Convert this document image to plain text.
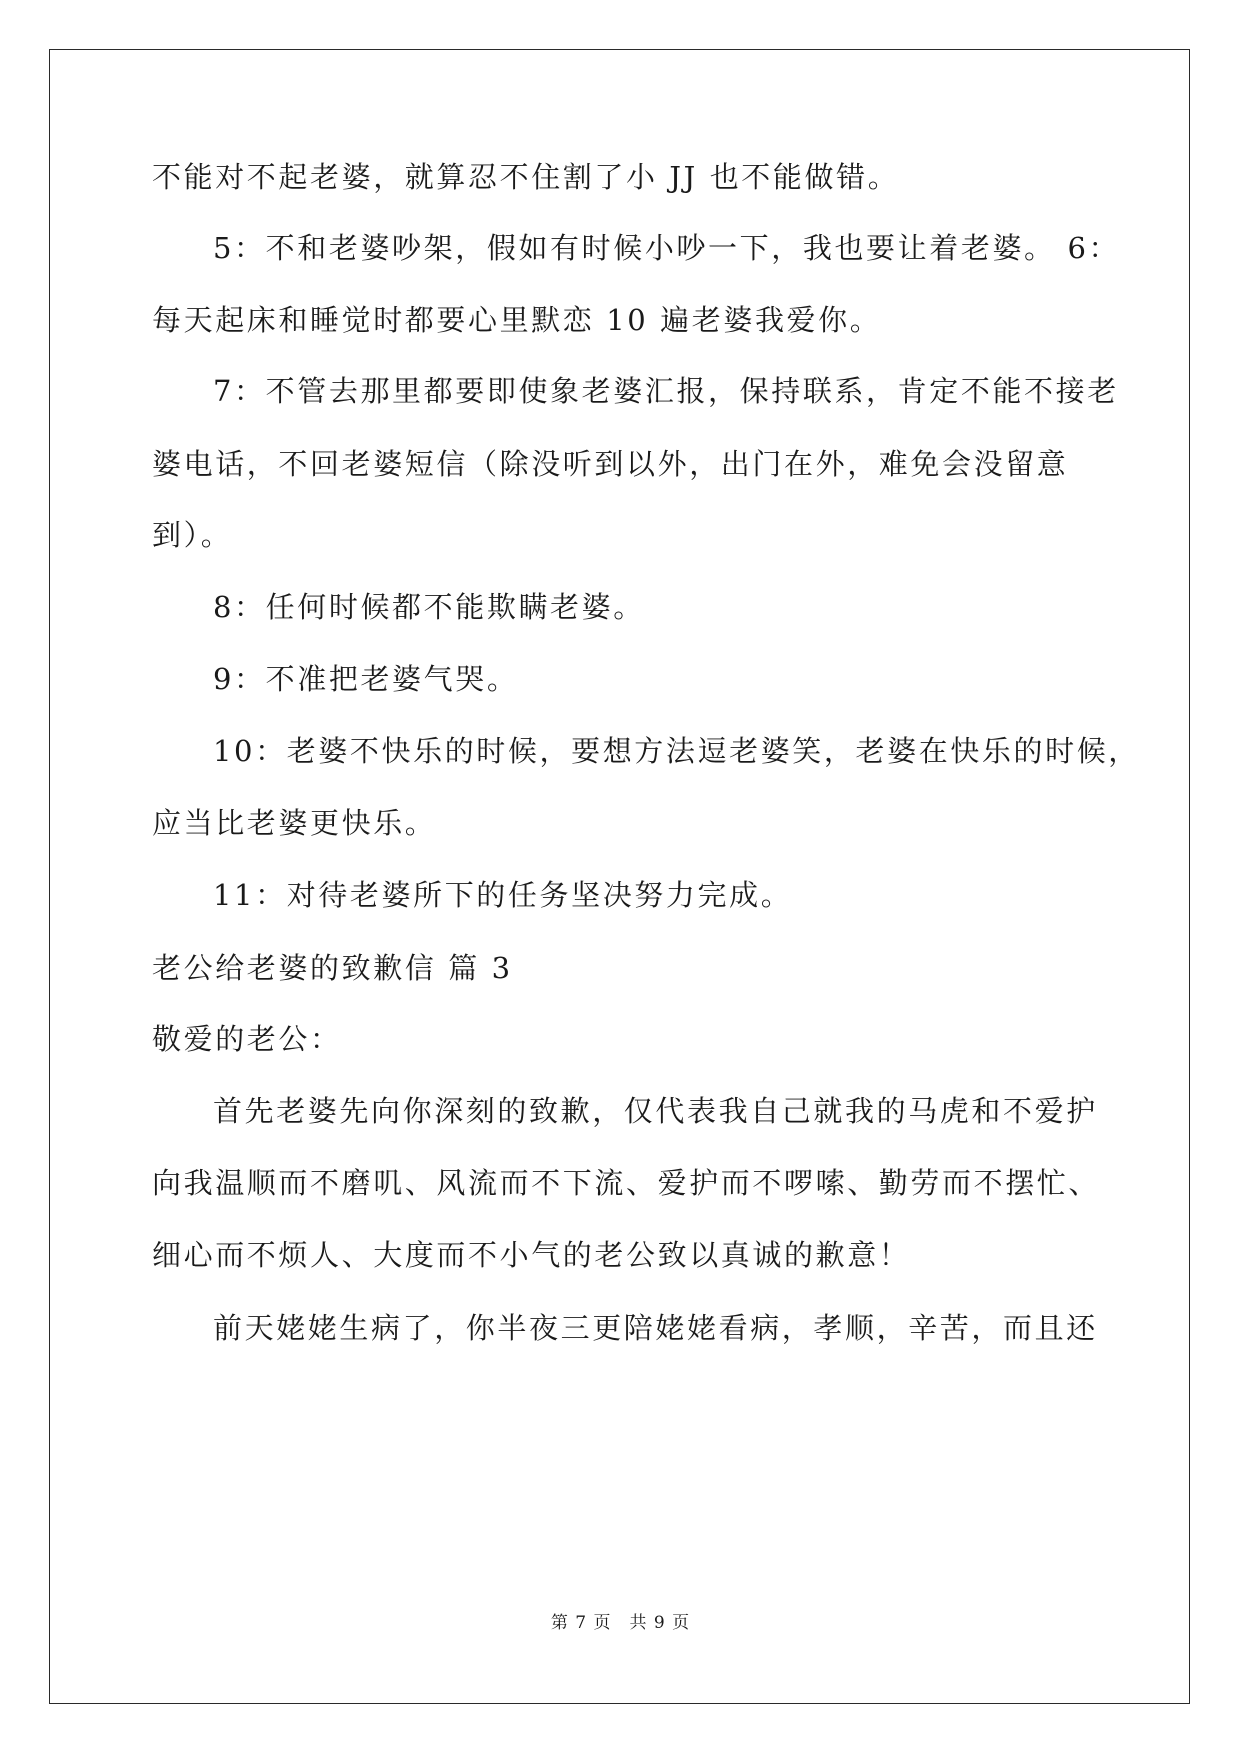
不能对不起老婆，就算忍不住割了小 JJ 也不能做错。
5：不和老婆吵架，假如有时候小吵一下，我也要让着老婆。 6：
每天起床和睡觉时都要心里默恋 10 遍老婆我爱你。
7：不管去那里都要即使象老婆汇报，保持联系，肯定不能不接老
婆电话，不回老婆短信（除没听到以外，出门在外，难免会没留意
到）。
8：任何时候都不能欺瞒老婆。
9：不准把老婆气哭。
10：老婆不快乐的时候，要想方法逗老婆笑，老婆在快乐的时候，
应当比老婆更快乐。
11：对待老婆所下的任务坚决努力完成。
老公给老婆的致歉信 篇 3
敬爱的老公：
首先老婆先向你深刻的致歉，仅代表我自己就我的马虎和不爱护
向我温顺而不磨叽、风流而不下流、爱护而不啰嗦、勤劳而不摆忙、
细心而不烦人、大度而不小气的老公致以真诚的歉意！
前天姥姥生病了，你半夜三更陪姥姥看病，孝顺，辛苦，而且还
第 7 页　共 9 页
